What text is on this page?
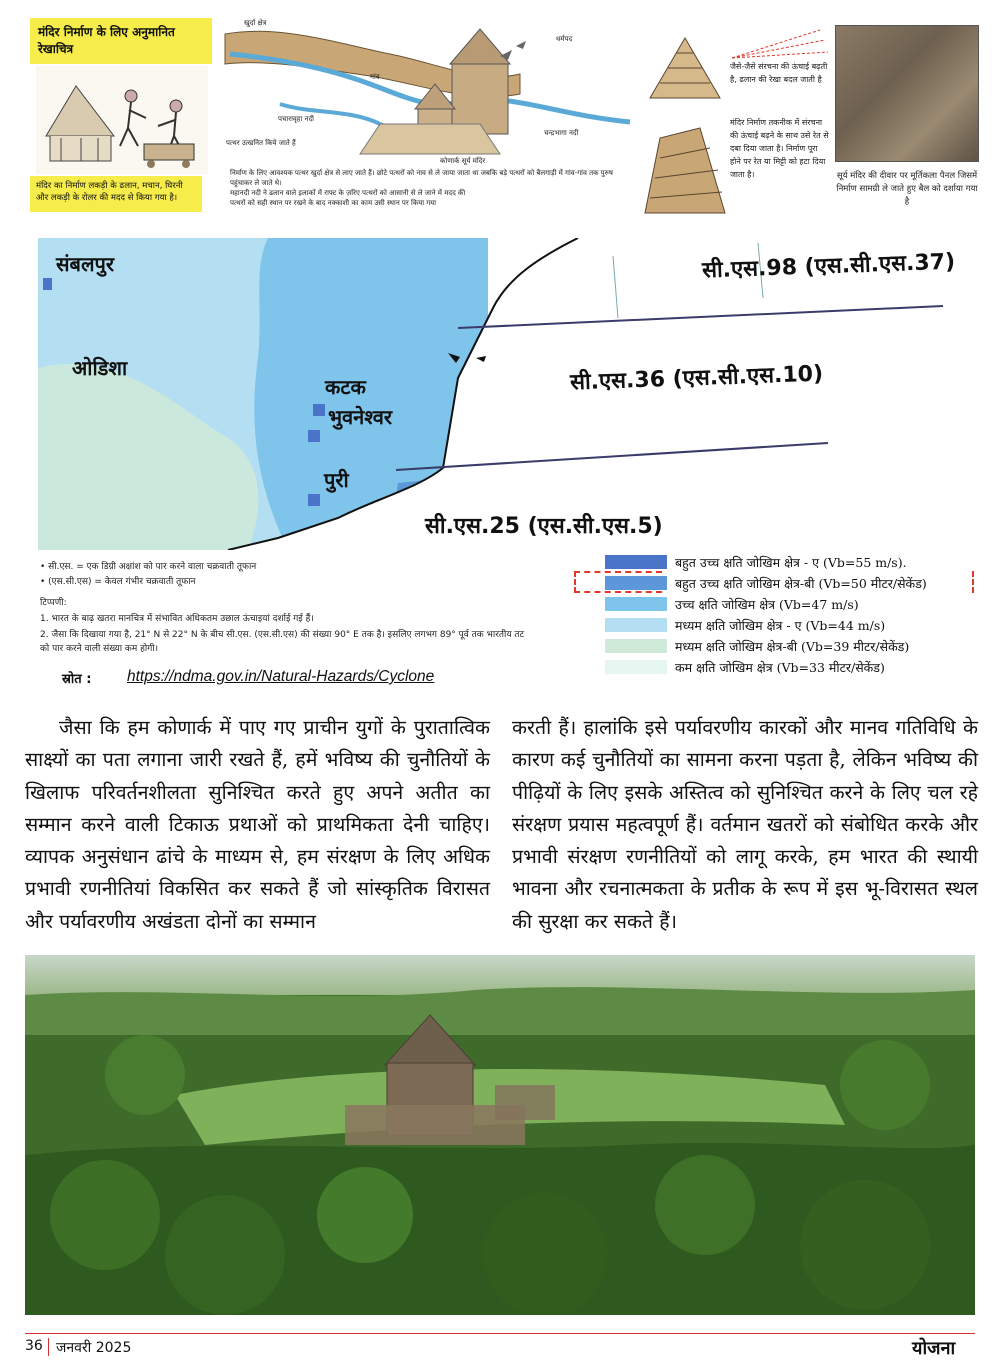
मंदिर निर्माण के लिए अनुमानित रेखाचित्र
मंदिर का निर्माण लकड़ी के ढलान, मचान, घिरनी और लकड़ी के रोलर की मदद से किया गया है।
खुर्दा क्षेत्र
गांव
धर्मपद
पचारावृहा नदी
पत्थर उत्खनित किये जाते हैं
कोणार्क सूर्य मंदिर
चन्द्रभागा नदी
निर्माण के लिए आवश्यक पत्थर खुर्दा क्षेत्र से लाए जाते हैं। छोटे पत्थरों को नाव से ले जाया जाता था जबकि बड़े पत्थरों को बैलगाड़ी में गांव-गांव तक पुरुष पहुंचाकर ले जाते थे।
महानदी नदी ने ढलान वाले इलाकों में राफ्ट के ज़रिए पत्थरों को आसानी से ले जाने में मदद की
पत्थरों को सही स्थान पर रखने के बाद नक्काशी का काम उसी स्थान पर किया गया
जैसे-जैसे संरचना की ऊंचाई बढ़ती है, ढलान की रेखा बदल जाती है
मंदिर निर्माण तकनीक में संरचना की ऊंचाई बढ़ने के साथ उसे रेत से दबा दिया जाता है। निर्माण पूरा होने पर रेत या मिट्टी को हटा दिया जाता है।	सूर्य मंदिर की दीवार पर मूर्तिकला पैनल जिसमें निर्माण सामग्री ले जाते हुए बैल को दर्शाया गया है
संबलपुर
ओडिशा
कटक
भुवनेश्वर
पुरी
सी.एस.98 (एस.सी.एस.37)
सी.एस.36 (एस.सी.एस.10)
सी.एस.25 (एस.सी.एस.5)
बहुत उच्च क्षति जोखिम क्षेत्र - ए (Vb=55 m/s).
बहुत उच्च क्षति जोखिम क्षेत्र-बी (Vb=50 मीटर/सेकेंड)
उच्च क्षति जोखिम क्षेत्र (Vb=47 m/s)
मध्यम क्षति जोखिम क्षेत्र - ए (Vb=44 m/s)
मध्यम क्षति जोखिम क्षेत्र-बी (Vb=39 मीटर/सेकेंड)
कम क्षति जोखिम क्षेत्र (Vb=33 मीटर/सेकेंड)
• सी.एस. = एक डिग्री अक्षांश को पार करने वाला चक्रवाती तूफान
• (एस.सी.एस) = केवल गंभीर चक्रवाती तूफान
टिप्पणी:
1. भारत के बाढ़ खतरा मानचित्र में संभावित अधिकतम उछाल ऊंचाइयां दर्शाई गई हैं।
2. जैसा कि दिखाया गया है, 21° N से 22° N के बीच सी.एस. (एस.सी.एस) की संख्या 90° E तक है। इसलिए लगभग 89° पूर्व तक भारतीय तट
को पार करने वाली संख्या कम होगी।
स्रोत : https://ndma.gov.in/Natural-Hazards/Cyclone
जैसा कि हम कोणार्क में पाए गए प्राचीन युगों के पुरातात्विक साक्ष्यों का पता लगाना जारी रखते हैं, हमें भविष्य की चुनौतियों के खिलाफ परिवर्तनशीलता सुनिश्चित करते हुए अपने अतीत का सम्मान करने वाली टिकाऊ प्रथाओं को प्राथमिकता देनी चाहिए। व्यापक अनुसंधान ढांचे के माध्यम से, हम संरक्षण के लिए अधिक प्रभावी रणनीतियां विकसित कर सकते हैं जो सांस्कृतिक विरासत और पर्यावरणीय अखंडता दोनों का सम्मान
करती हैं। हालांकि इसे पर्यावरणीय कारकों और मानव गतिविधि के कारण कई चुनौतियों का सामना करना पड़ता है, लेकिन भविष्य की पीढ़ियों के लिए इसके अस्तित्व को सुनिश्चित करने के लिए चल रहे संरक्षण प्रयास महत्वपूर्ण हैं। वर्तमान खतरों को संबोधित करके और प्रभावी संरक्षण रणनीतियों को लागू करके, हम भारत की स्थायी भावना और रचनात्मकता के प्रतीक के रूप में इस भू-विरासत स्थल की सुरक्षा कर सकते हैं।
36 जनवरी 2025	योजना
